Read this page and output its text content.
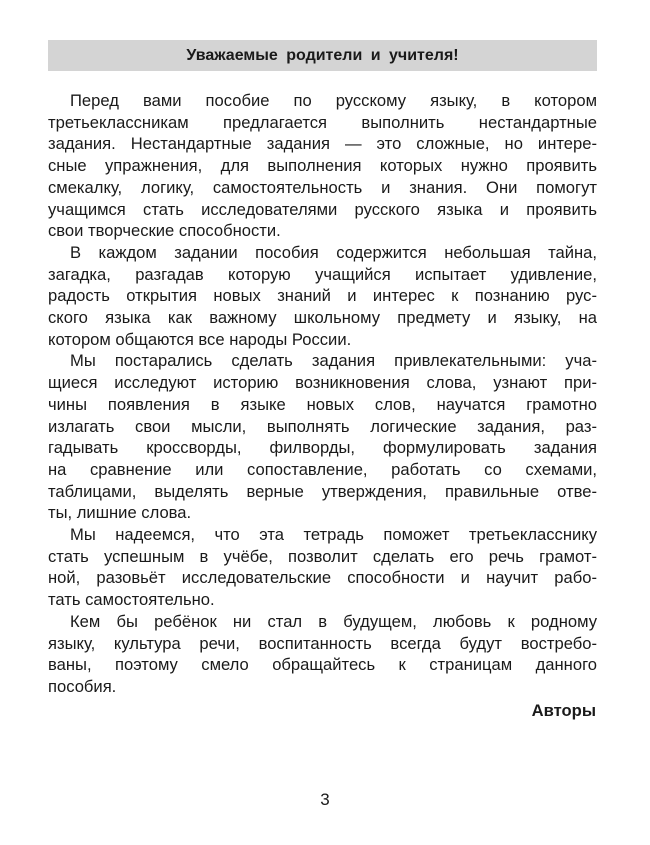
Уважаемые родители и учителя!
Перед вами пособие по русскому языку, в котором
третьеклассникам предлагается выполнить нестандартные
задания. Нестандартные задания — это сложные, но интере-
сные упражнения, для выполнения которых нужно проявить
смекалку, логику, самостоятельность и знания. Они помогут
учащимся стать исследователями русского языка и проявить
свои творческие способности.
В каждом задании пособия содержится небольшая тайна,
загадка, разгадав которую учащийся испытает удивление,
радость открытия новых знаний и интерес к познанию рус-
ского языка как важному школьному предмету и языку, на
котором общаются все народы России.
Мы постарались сделать задания привлекательными: уча-
щиеся исследуют историю возникновения слова, узнают при-
чины появления в языке новых слов, научатся грамотно
излагать свои мысли, выполнять логические задания, раз-
гадывать кроссворды, филворды, формулировать задания
на сравнение или сопоставление, работать со схемами,
таблицами, выделять верные утверждения, правильные отве-
ты, лишние слова.
Мы надеемся, что эта тетрадь поможет третьекласснику
стать успешным в учёбе, позволит сделать его речь грамот-
ной, разовьёт исследовательские способности и научит рабо-
тать самостоятельно.
Кем бы ребёнок ни стал в будущем, любовь к родному
языку, культура речи, воспитанность всегда будут востребо-
ваны, поэтому смело обращайтесь к страницам данного
пособия.
Авторы
3
